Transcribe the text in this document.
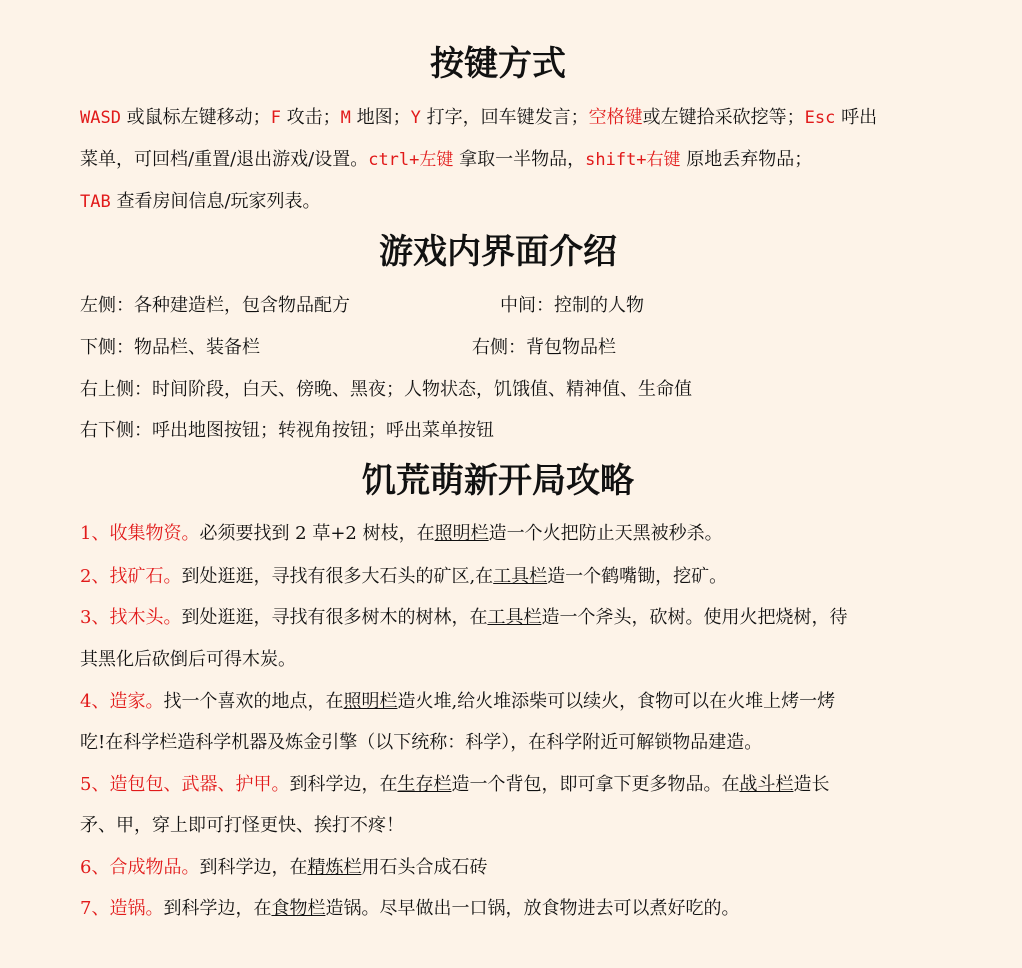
按键方式

WASD 或鼠标左键移动；F 攻击；M 地图；Y 打字，回车键发言；空格键或左键拾采砍挖等；Esc 呼出

菜单，可回档/重置/退出游戏/设置。ctrl+左键 拿取一半物品，shift+右键 原地丢弃物品；

TAB 查看房间信息/玩家列表。

游戏内界面介绍

左侧：各种建造栏，包含物品配方	中间：控制的人物

下侧：物品栏、装备栏	右侧：背包物品栏

右上侧：时间阶段，白天、傍晚、黑夜；人物状态，饥饿值、精神值、生命值

右下侧：呼出地图按钮；转视角按钮；呼出菜单按钮

饥荒萌新开局攻略

1、收集物资。必须要找到 2 草+2 树枝，在照明栏造一个火把防止天黑被秒杀。

2、找矿石。到处逛逛，寻找有很多大石头的矿区,在工具栏造一个鹤嘴锄，挖矿。

3、找木头。到处逛逛，寻找有很多树木的树林，在工具栏造一个斧头，砍树。使用火把烧树，待

其黑化后砍倒后可得木炭。

4、造家。找一个喜欢的地点，在照明栏造火堆,给火堆添柴可以续火，食物可以在火堆上烤一烤

吃!在科学栏造科学机器及炼金引擎（以下统称：科学），在科学附近可解锁物品建造。

5、造包包、武器、护甲。到科学边，在生存栏造一个背包，即可拿下更多物品。在战斗栏造长

矛、甲，穿上即可打怪更快、挨打不疼！

6、合成物品。到科学边，在精炼栏用石头合成石砖

7、造锅。到科学边，在食物栏造锅。尽早做出一口锅，放食物进去可以煮好吃的。
